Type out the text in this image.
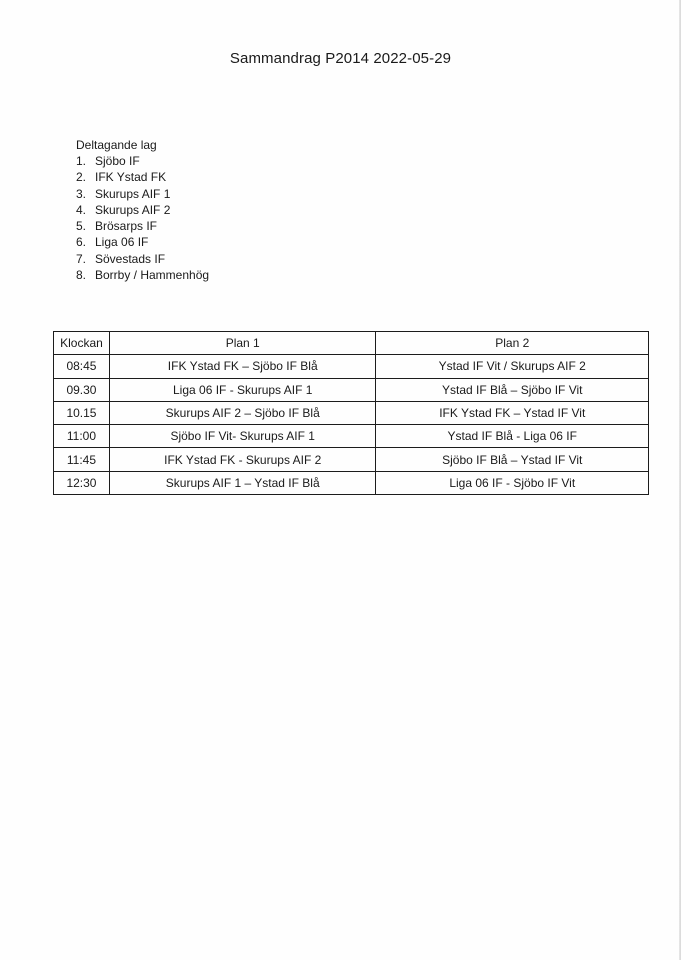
Sammandrag P2014 2022-05-29
Deltagande lag
1. Sjöbo IF
2. IFK Ystad FK
3. Skurups AIF 1
4. Skurups AIF 2
5. Brösarps IF
6. Liga 06 IF
7. Sövestads IF
8. Borrby / Hammenhög
Klockan	Plan 1	Plan 2
08:45	IFK Ystad FK – Sjöbo IF Blå	Ystad IF Vit / Skurups AIF 2
09.30	Liga 06 IF - Skurups AIF 1	Ystad IF Blå – Sjöbo IF Vit
10.15	Skurups AIF 2 – Sjöbo IF Blå	IFK Ystad FK – Ystad IF Vit
11:00	Sjöbo IF Vit- Skurups AIF 1	Ystad IF Blå - Liga 06 IF
11:45	IFK Ystad FK - Skurups AIF 2	Sjöbo IF Blå – Ystad IF Vit
12:30	Skurups AIF 1 – Ystad IF Blå	Liga 06 IF - Sjöbo IF Vit
